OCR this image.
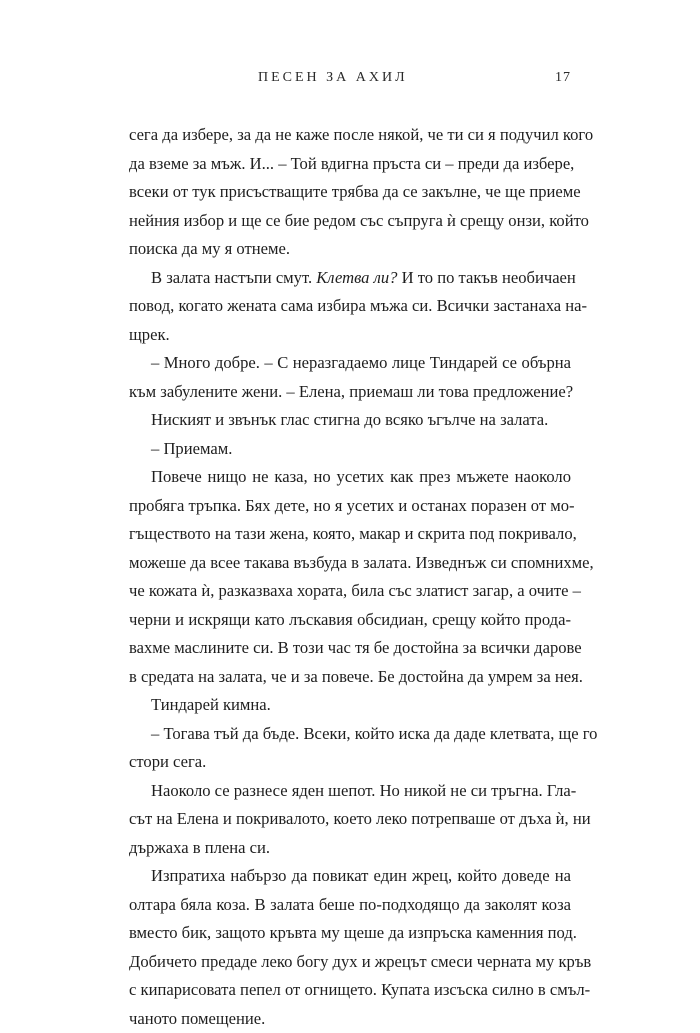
ПЕСЕН ЗА АХИЛ	17
сега да избере, за да не каже после някой, че ти си я подучил кого
да вземе за мъж. И... – Той вдигна пръста си – преди да избере,
всеки от тук присъстващите трябва да се закълне, че ще приеме
нейния избор и ще се бие редом със съпруга ѝ срещу онзи, който
поиска да му я отнеме.
В залата настъпи смут. Клетва ли? И то по такъв необичаен
повод, когато жената сама избира мъжа си. Всички застанаха на-
щрек.
– Много добре. – С неразгадаемо лице Тиндарей се обърна
към забулените жени. – Елена, приемаш ли това предложение?
Ниският и звънък глас стигна до всяко ъгълче на залата.
– Приемам.
Повече нищо не каза, но усетих как през мъжете наоколо
пробяга тръпка. Бях дете, но я усетих и останах поразен от мо-
гъществото на тази жена, която, макар и скрита под покривало,
можеше да всее такава възбуда в залата. Изведнъж си спомнихме,
че кожата ѝ, разказваха хората, била със златист загар, а очите –
черни и искрящи като лъскавия обсидиан, срещу който прода-
вахме маслините си. В този час тя бе достойна за всички дарове
в средата на залата, че и за повече. Бе достойна да умрем за нея.
Тиндарей кимна.
– Тогава тъй да бъде. Всеки, който иска да даде клетвата, ще го
стори сега.
Наоколо се разнесе яден шепот. Но никой не си тръгна. Гла-
сът на Елена и покривалото, което леко потрепваше от дъха ѝ, ни
държаха в плена си.
Изпратиха набързо да повикат един жрец, който доведе на
олтара бяла коза. В залата беше по-подходящо да заколят коза
вместо бик, защото кръвта му щеше да изпръска каменния под.
Добичето предаде леко богу дух и жрецът смеси черната му кръв
с кипарисовата пепел от огнището. Купата изсъска силно в смъл-
чаното помещение.
